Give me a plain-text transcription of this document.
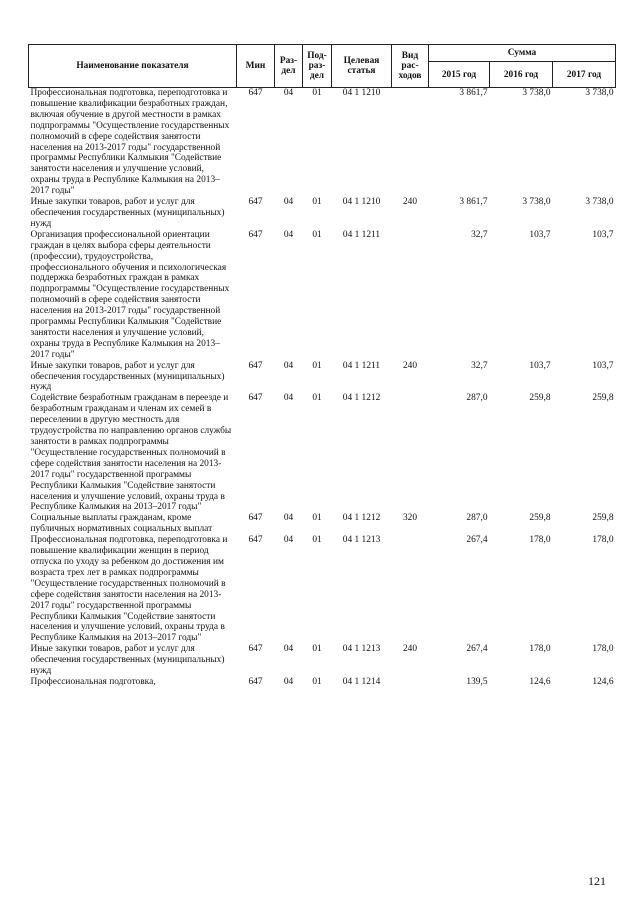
Наименование показателя	Мин	Раз- дел	Под- раз- дел	Целевая статья	Вид рас- ходов	Сумма		
						2015 год	2016 год	2017 год
Профессиональная подготовка, переподготовка и повышение квалификации безработных граждан, включая обучение в другой местности в рамках подпрограммы "Осуществление государственных полномочий в сфере содействия занятости населения на 2013-2017 годы" государственной программы Республики Калмыкия "Содействие занятости населения и улучшение условий, охраны труда в Республике Калмыкия на 2013–2017 годы"	647	04	01	04 1 1210		3 861,7	3 738,0	3 738,0
Иные закупки товаров, работ и услуг для обеспечения государственных (муниципальных) нужд	647	04	01	04 1 1210	240	3 861,7	3 738,0	3 738,0
Организация профессиональной ориентации граждан в целях выбора сферы деятельности (профессии), трудоустройства, профессионального обучения и психологическая поддержка безработных граждан в рамках подпрограммы "Осуществление государственных полномочий в сфере содействия занятости населения на 2013-2017 годы" государственной программы Республики Калмыкия "Содействие занятости населения и улучшение условий, охраны труда в Республике Калмыкия на 2013–2017 годы"	647	04	01	04 1 1211		32,7	103,7	103,7
Иные закупки товаров, работ и услуг для обеспечения государственных (муниципальных) нужд	647	04	01	04 1 1211	240	32,7	103,7	103,7
Содействие безработным гражданам в переезде и безработным гражданам и членам их семей в переселении в другую местность для трудоустройства по направлению органов службы занятости в рамках подпрограммы "Осуществление государственных полномочий в сфере содействия занятости населения на 2013-2017 годы" государственной программы Республики Калмыкия "Содействие занятости населения и улучшение условий, охраны труда в Республике Калмыкия на 2013–2017 годы"	647	04	01	04 1 1212		287,0	259,8	259,8
Социальные выплаты гражданам, кроме публичных нормативных социальных выплат	647	04	01	04 1 1212	320	287,0	259,8	259,8
Профессиональная подготовка, переподготовка и повышение квалификации женщин в период отпуска по уходу за ребенком до достижения им возраста трех лет в рамках подпрограммы "Осуществление государственных полномочий в сфере содействия занятости населения на 2013-2017 годы" государственной программы Республики Калмыкия "Содействие занятости населения и улучшение условий, охраны труда в Республике Калмыкия на 2013–2017 годы"	647	04	01	04 1 1213		267,4	178,0	178,0
Иные закупки товаров, работ и услуг для обеспечения государственных (муниципальных) нужд	647	04	01	04 1 1213	240	267,4	178,0	178,0
Профессиональная подготовка,	647	04	01	04 1 1214		139,5	124,6	124,6
121
